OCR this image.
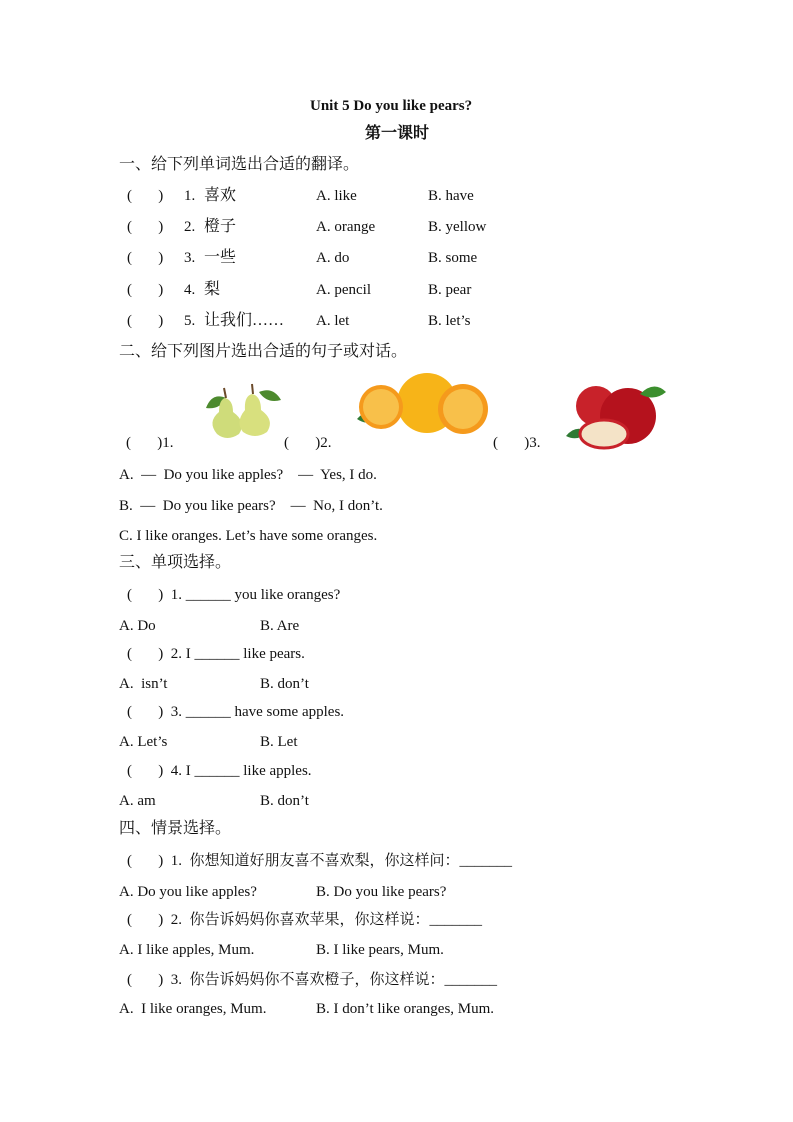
Unit 5 Do you like pears?
第一课时
一、给下列单词选出合适的翻译。
(       ) 1. 喜欢	A. like	B. have
(       ) 2. 橙子	A. orange	B. yellow
(       ) 3. 一些	A. do	B. some
(       ) 4. 梨	A. pencil	B. pear
(       ) 5. 让我们…… A. let	B. let’s
二、给下列图片选出合适的句子或对话。
(       )1.	(       )2.	(       )3.
A.  —  Do you like apples?    —  Yes, I do.
B.  —  Do you like pears?    —  No, I don’t.
C. I like oranges. Let’s have some oranges.
三、单项选择。
(       )  1. ______ you like oranges?
A. Do	B. Are
(       )  2. I ______ like pears.
A.  isn’t	B. don’t
(       )  3. ______ have some apples.
A. Let’s	B. Let
(       )  4. I ______ like apples.
A. am	B. don’t
四、情景选择。
(       )  1.  你想知道好朋友喜不喜欢梨，你这样问：_______
A. Do you like apples?	B. Do you like pears?
(       )  2.  你告诉妈妈你喜欢苹果，你这样说：_______
A. I like apples, Mum.	B. I like pears, Mum.
(       )  3.  你告诉妈妈你不喜欢橙子，你这样说：_______
A.  I like oranges, Mum.	B. I don’t like oranges, Mum.
